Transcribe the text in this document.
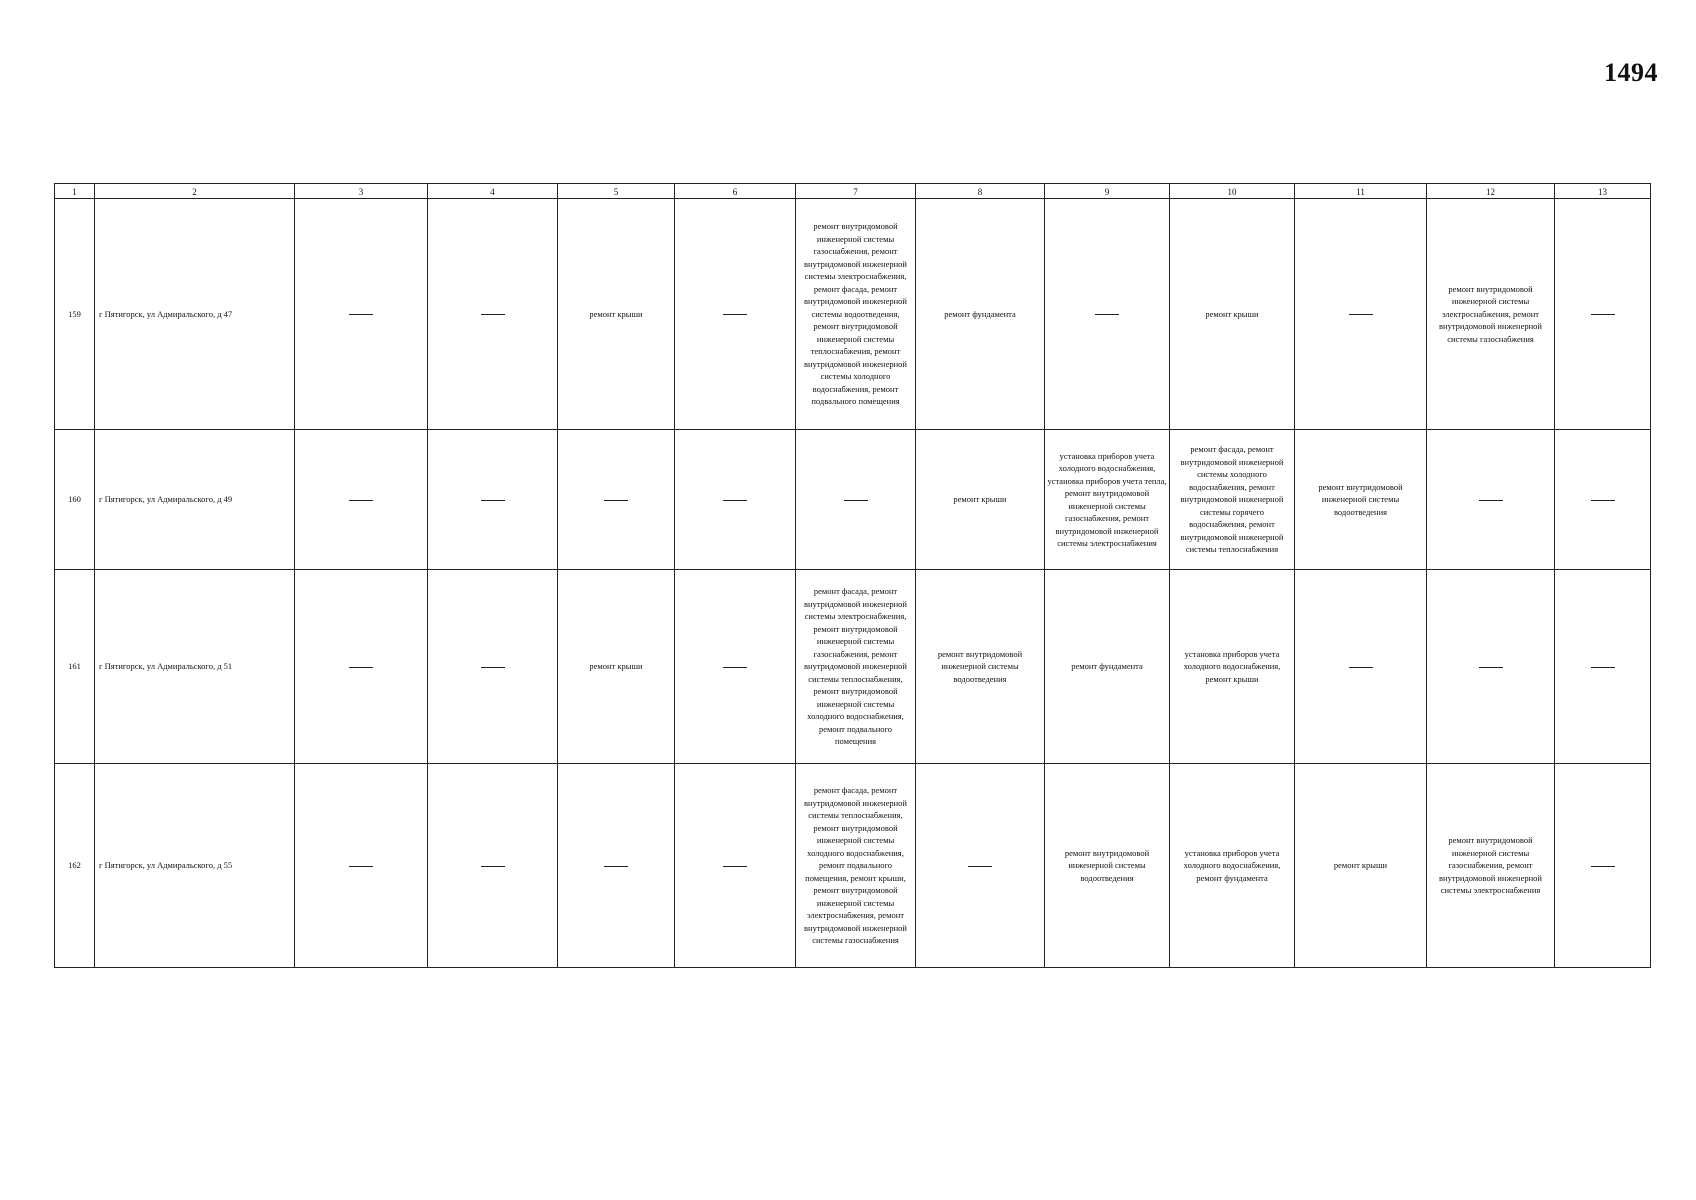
1494
1	2	3	4	5	6	7	8	9	10	11	12	13
159	г Пятигорск, ул Адмиральского, д 47			ремонт крыши		ремонт внутридомовой инженерной системы газоснабжения, ремонт внутридомовой инженерной системы электроснабжения, ремонт фасада, ремонт внутридомовой инженерной системы водоотведения, ремонт внутридомовой инженерной системы теплоснабжения, ремонт внутридомовой инженерной системы холодного водоснабжения, ремонт подвального помещения	ремонт фундамента		ремонт крыши		ремонт внутридомовой инженерной системы электроснабжения, ремонт внутридомовой инженерной системы газоснабжения	
160	г Пятигорск, ул Адмиральского, д 49						ремонт крыши	установка приборов учета холодного водоснабжения, установка приборов учета тепла, ремонт внутридомовой инженерной системы газоснабжения, ремонт внутридомовой инженерной системы электроснабжения	ремонт фасада, ремонт внутридомовой инженерной системы холодного водоснабжения, ремонт внутридомовой инженерной системы горячего водоснабжения, ремонт внутридомовой инженерной системы теплоснабжения	ремонт внутридомовой инженерной системы водоотведения		
161	г Пятигорск, ул Адмиральского, д 51			ремонт крыши		ремонт фасада, ремонт внутридомовой инженерной системы электроснабжения, ремонт внутридомовой инженерной системы газоснабжения, ремонт внутридомовой инженерной системы теплоснабжения, ремонт внутридомовой инженерной системы холодного водоснабжения, ремонт подвального помещения	ремонт внутридомовой инженерной системы водоотведения	ремонт фундамента	установка приборов учета холодного водоснабжения, ремонт крыши			
162	г Пятигорск, ул Адмиральского, д 55					ремонт фасада, ремонт внутридомовой инженерной системы теплоснабжения, ремонт внутридомовой инженерной системы холодного водоснабжения, ремонт подвального помещения, ремонт крыши, ремонт внутридомовой инженерной системы электроснабжения, ремонт внутридомовой инженерной системы газоснабжения		ремонт внутридомовой инженерной системы водоотведения	установка приборов учета холодного водоснабжения, ремонт фундамента	ремонт крыши	ремонт внутридомовой инженерной системы газоснабжения, ремонт внутридомовой инженерной системы электроснабжения	
